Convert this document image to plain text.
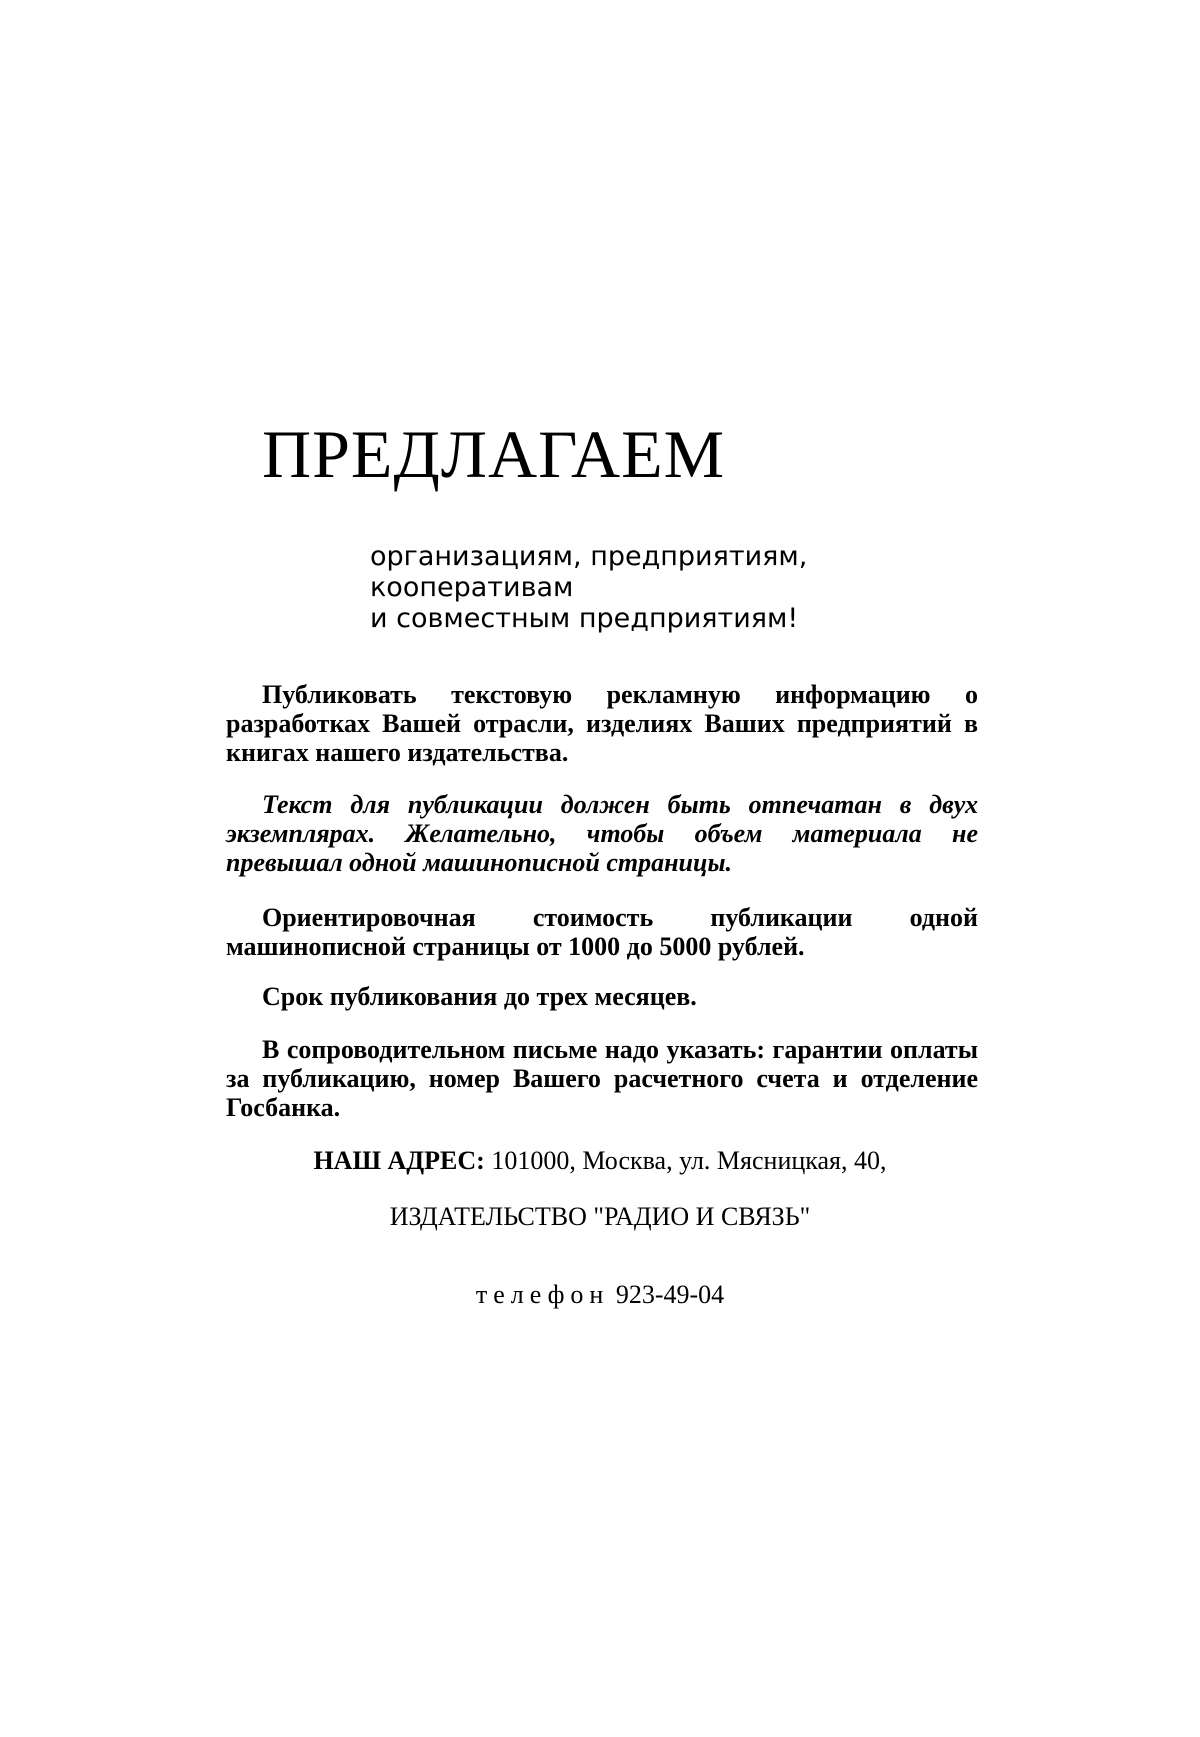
ПРЕДЛАГАЕМ
организациям, предприятиям,
кооперативам
и совместным предприятиям!

Публиковать текстовую рекламную информацию о разработках Вашей отрасли, изделиях Ваших предприятий в книгах нашего издательства.

Текст для публикации должен быть отпечатан в двух экземплярах. Желательно, чтобы объем материала не превышал одной машинописной страницы.

Ориентировочная стоимость публикации одной машинописной страницы от 1000 до 5000 рублей.

Срок публикования до трех месяцев.

В сопроводительном письме надо указать: гарантии оплаты за публикацию, номер Вашего расчетного счета и отделение Госбанка.

НАШ АДРЕС: 101000, Москва, ул. Мясницкая, 40,
ИЗДАТЕЛЬСТВО "РАДИО И СВЯЗЬ"
телефон 923-49-04
